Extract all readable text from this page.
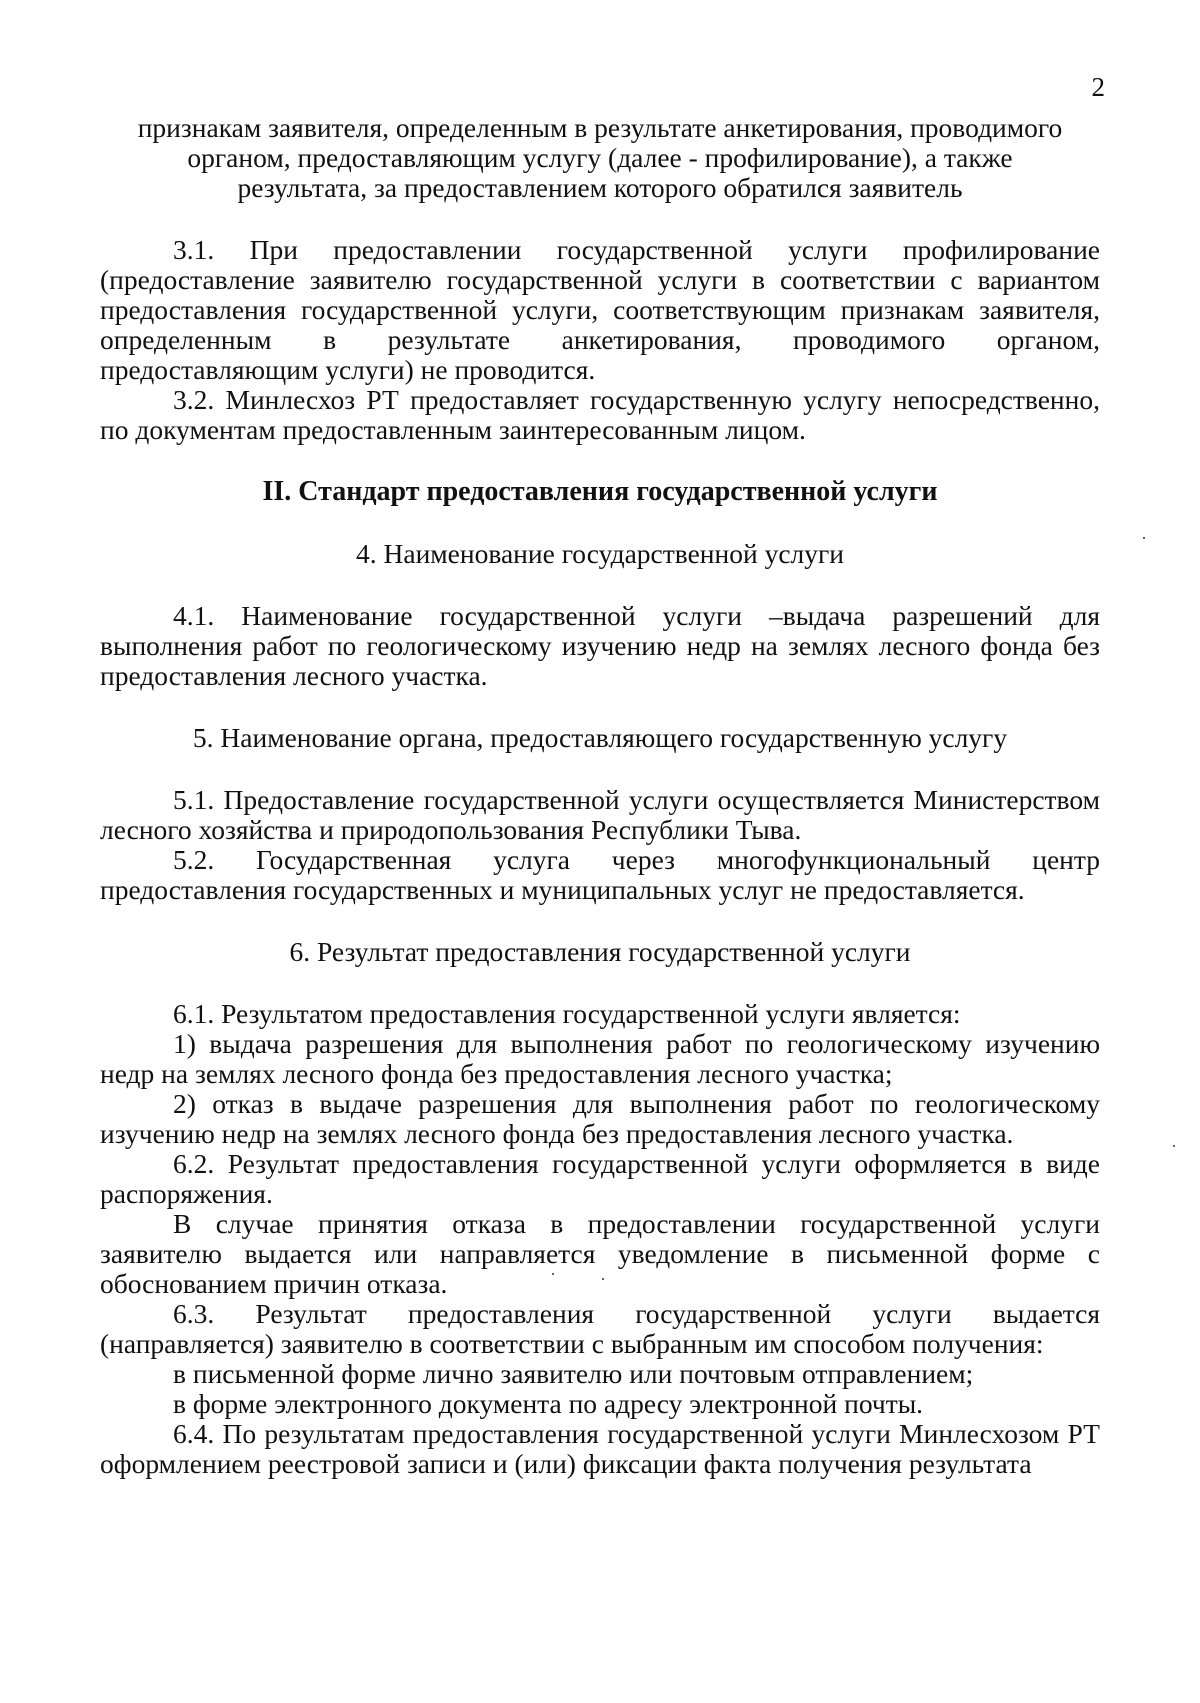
2
признакам заявителя, определенным в результате анкетирования, проводимого органом, предоставляющим услугу (далее - профилирование), а также результата, за предоставлением которого обратился заявитель

3.1. При предоставлении государственной услуги профилирование (предоставление заявителю государственной услуги в соответствии с вариантом предоставления государственной услуги, соответствующим признакам заявителя, определенным в результате анкетирования, проводимого органом, предоставляющим услуги) не проводится.

3.2. Минлесхоз РТ предоставляет государственную услугу непосредственно, по документам предоставленным заинтересованным лицом.

II. Стандарт предоставления государственной услуги
4. Наименование государственной услуги

4.1. Наименование государственной услуги –выдача разрешений для выполнения работ по геологическому изучению недр на землях лесного фонда без предоставления лесного участка.

5. Наименование органа, предоставляющего государственную услугу

5.1. Предоставление государственной услуги осуществляется Министерством лесного хозяйства и природопользования Республики Тыва.

5.2. Государственная услуга через многофункциональный центр предоставления государственных и муниципальных услуг не предоставляется.

6. Результат предоставления государственной услуги

6.1. Результатом предоставления государственной услуги является:

1) выдача разрешения для выполнения работ по геологическому изучению недр на землях лесного фонда без предоставления лесного участка;

2) отказ в выдаче разрешения для выполнения работ по геологическому изучению недр на землях лесного фонда без предоставления лесного участка.

6.2. Результат предоставления государственной услуги оформляется в виде распоряжения.

В случае принятия отказа в предоставлении государственной услуги заявителю выдается или направляется уведомление в письменной форме с обоснованием причин отказа.

6.3. Результат предоставления государственной услуги выдается (направляется) заявителю в соответствии с выбранным им способом получения:

в письменной форме лично заявителю или почтовым отправлением;

в форме электронного документа по адресу электронной почты.

6.4. По результатам предоставления государственной услуги Минлесхозом РТ оформлением реестровой записи и (или) фиксации факта получения результата
